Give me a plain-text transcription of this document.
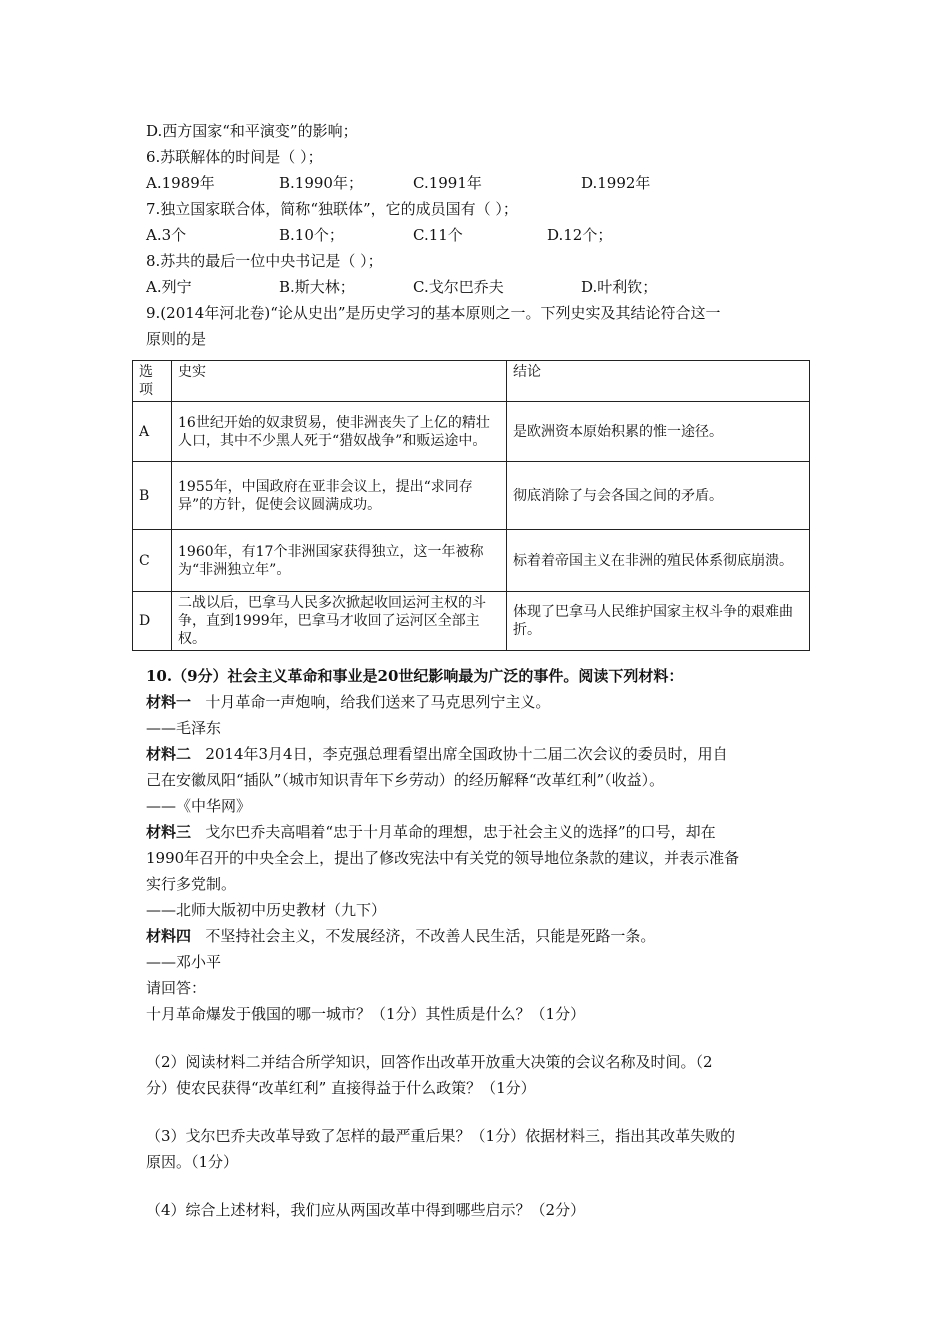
D.西方国家“和平演变”的影响；
6.苏联解体的时间是（ ）；
A.1989年	B.1990年；	C.1991年	D.1992年
7.独立国家联合体，简称“独联体”，它的成员国有（ ）；
A.3个	B.10个；	C.11个	D.12个；
8.苏共的最后一位中央书记是（ ）；
A.列宁	B.斯大林；	C.戈尔巴乔夫	D.叶利钦；
9.(2014年河北卷)“论从史出”是历史学习的基本原则之一。下列史实及其结论符合这一
原则的是
选项	史实	结论
A	16世纪开始的奴隶贸易，使非洲丧失了上亿的精壮人口，其中不少黑人死于“猎奴战争”和贩运途中。	是欧洲资本原始积累的惟一途径。
B	1955年，中国政府在亚非会议上，提出“求同存异”的方针，促使会议圆满成功。	彻底消除了与会各国之间的矛盾。
C	1960年，有17个非洲国家获得独立，这一年被称为“非洲独立年”。	标着着帝国主义在非洲的殖民体系彻底崩溃。
D	二战以后，巴拿马人民多次掀起收回运河主权的斗争，直到1999年，巴拿马才收回了运河区全部主权。	体现了巴拿马人民维护国家主权斗争的艰难曲折。
10.（9分）社会主义革命和事业是20世纪影响最为广泛的事件。阅读下列材料：
材料一   十月革命一声炮响，给我们送来了马克思列宁主义。
——毛泽东
材料二   2014年3月4日，李克强总理看望出席全国政协十二届二次会议的委员时，用自
己在安徽凤阳“插队”（城市知识青年下乡劳动）的经历解释“改革红利”（收益）。
——《中华网》
材料三   戈尔巴乔夫高唱着“忠于十月革命的理想，忠于社会主义的选择”的口号，却在
1990年召开的中央全会上，提出了修改宪法中有关党的领导地位条款的建议，并表示准备
实行多党制。
——北师大版初中历史教材（九下）
材料四   不坚持社会主义，不发展经济，不改善人民生活，只能是死路一条。
——邓小平
请回答：
十月革命爆发于俄国的哪一城市？（1分）其性质是什么？（1分）
（2）阅读材料二并结合所学知识，回答作出改革开放重大决策的会议名称及时间。（2
分）使农民获得“改革红利” 直接得益于什么政策？（1分）
（3）戈尔巴乔夫改革导致了怎样的最严重后果？（1分）依据材料三，指出其改革失败的
原因。（1分）
（4）综合上述材料，我们应从两国改革中得到哪些启示？（2分）
